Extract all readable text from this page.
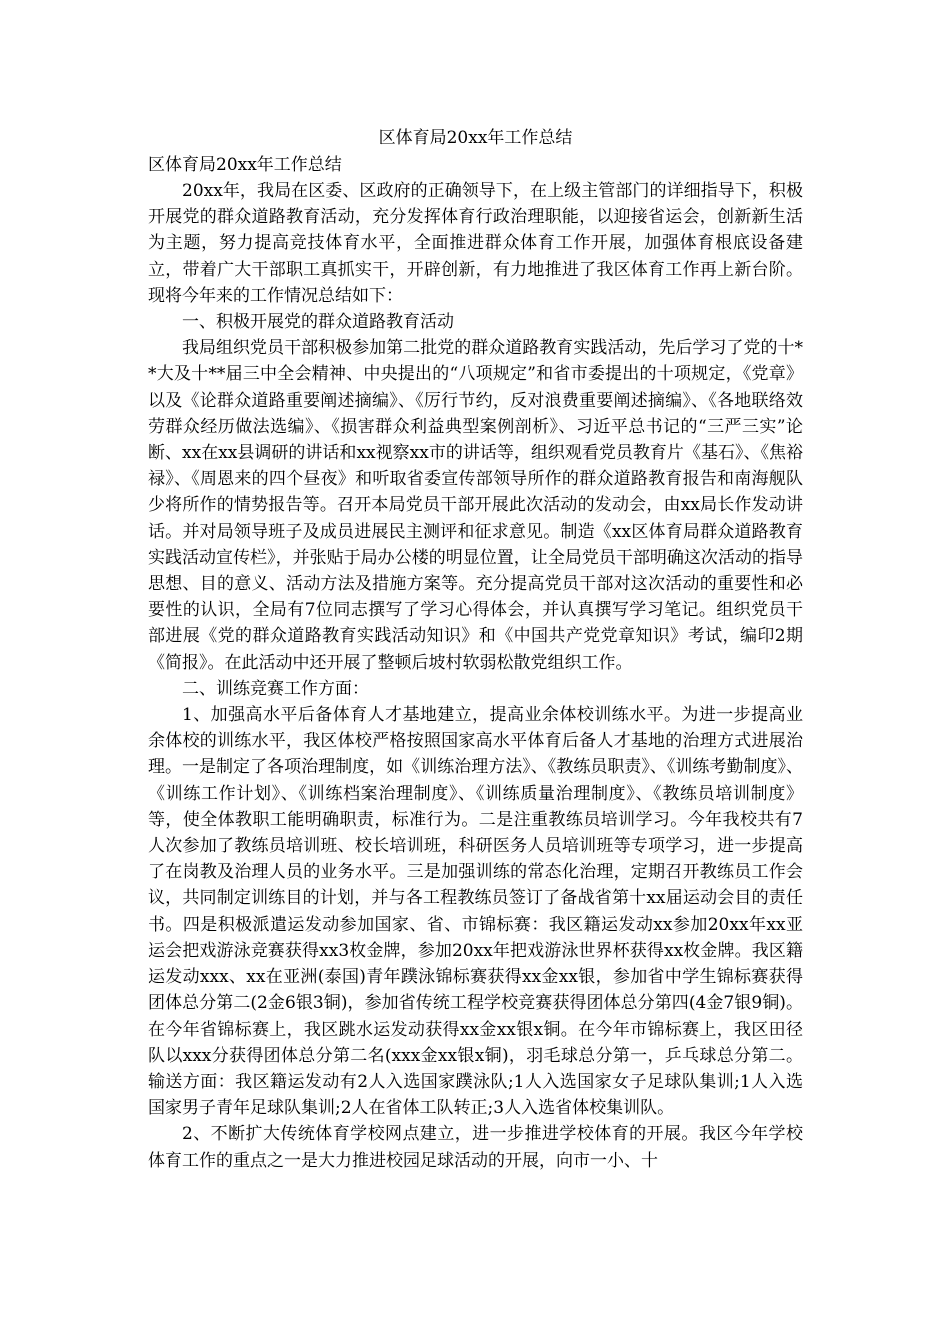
区体育局20xx年工作总结

区体育局20xx年工作总结

20xx年，我局在区委、区政府的正确领导下，在上级主管部门的详细指导下，积极开展党的群众道路教育活动，充分发挥体育行政治理职能，以迎接省运会，创新新生活为主题，努力提高竞技体育水平，全面推进群众体育工作开展，加强体育根底设备建立，带着广大干部职工真抓实干，开辟创新，有力地推进了我区体育工作再上新台阶。现将今年来的工作情况总结如下：

一、积极开展党的群众道路教育活动

我局组织党员干部积极参加第二批党的群众道路教育实践活动，先后学习了党的十**大及十**届三中全会精神、中央提出的“八项规定”和省市委提出的十项规定，《党章》以及《论群众道路重要阐述摘编》、《厉行节约，反对浪费重要阐述摘编》、《各地联络效劳群众经历做法选编》、《损害群众利益典型案例剖析》、习近平总书记的“三严三实”论断、xx在xx县调研的讲话和xx视察xx市的讲话等，组织观看党员教育片《基石》、《焦裕禄》、《周恩来的四个昼夜》和听取省委宣传部领导所作的群众道路教育报告和南海舰队少将所作的情势报告等。召开本局党员干部开展此次活动的发动会，由xx局长作发动讲话。并对局领导班子及成员进展民主测评和征求意见。制造《xx区体育局群众道路教育实践活动宣传栏》，并张贴于局办公楼的明显位置，让全局党员干部明确这次活动的指导思想、目的意义、活动方法及措施方案等。充分提高党员干部对这次活动的重要性和必要性的认识，全局有7位同志撰写了学习心得体会，并认真撰写学习笔记。组织党员干部进展《党的群众道路教育实践活动知识》和《中国共产党党章知识》考试，编印2期《简报》。在此活动中还开展了整顿后坡村软弱松散党组织工作。

二、训练竞赛工作方面：

1、加强高水平后备体育人才基地建立，提高业余体校训练水平。为进一步提高业余体校的训练水平，我区体校严格按照国家高水平体育后备人才基地的治理方式进展治理。一是制定了各项治理制度，如《训练治理方法》、《教练员职责》、《训练考勤制度》、《训练工作计划》、《训练档案治理制度》、《训练质量治理制度》、《教练员培训制度》等，使全体教职工能明确职责，标准行为。二是注重教练员培训学习。今年我校共有7人次参加了教练员培训班、校长培训班，科研医务人员培训班等专项学习，进一步提高了在岗教及治理人员的业务水平。三是加强训练的常态化治理，定期召开教练员工作会议，共同制定训练目的计划，并与各工程教练员签订了备战省第十xx届运动会目的责任书。四是积极派遣运发动参加国家、省、市锦标赛：我区籍运发动xx参加20xx年xx亚运会把戏游泳竞赛获得xx3枚金牌，参加20xx年把戏游泳世界杯获得xx枚金牌。我区籍运发动xxx、xx在亚洲(泰国)青年蹼泳锦标赛获得xx金xx银，参加省中学生锦标赛获得团体总分第二(2金6银3铜)，参加省传统工程学校竞赛获得团体总分第四(4金7银9铜)。在今年省锦标赛上，我区跳水运发动获得xx金xx银x铜。在今年市锦标赛上，我区田径队以xxx分获得团体总分第二名(xxx金xx银x铜)，羽毛球总分第一，乒乓球总分第二。输送方面：我区籍运发动有2人入选国家蹼泳队;1人入选国家女子足球队集训;1人入选国家男子青年足球队集训;2人在省体工队转正;3人入选省体校集训队。

2、不断扩大传统体育学校网点建立，进一步推进学校体育的开展。我区今年学校体育工作的重点之一是大力推进校园足球活动的开展，向市一小、十
